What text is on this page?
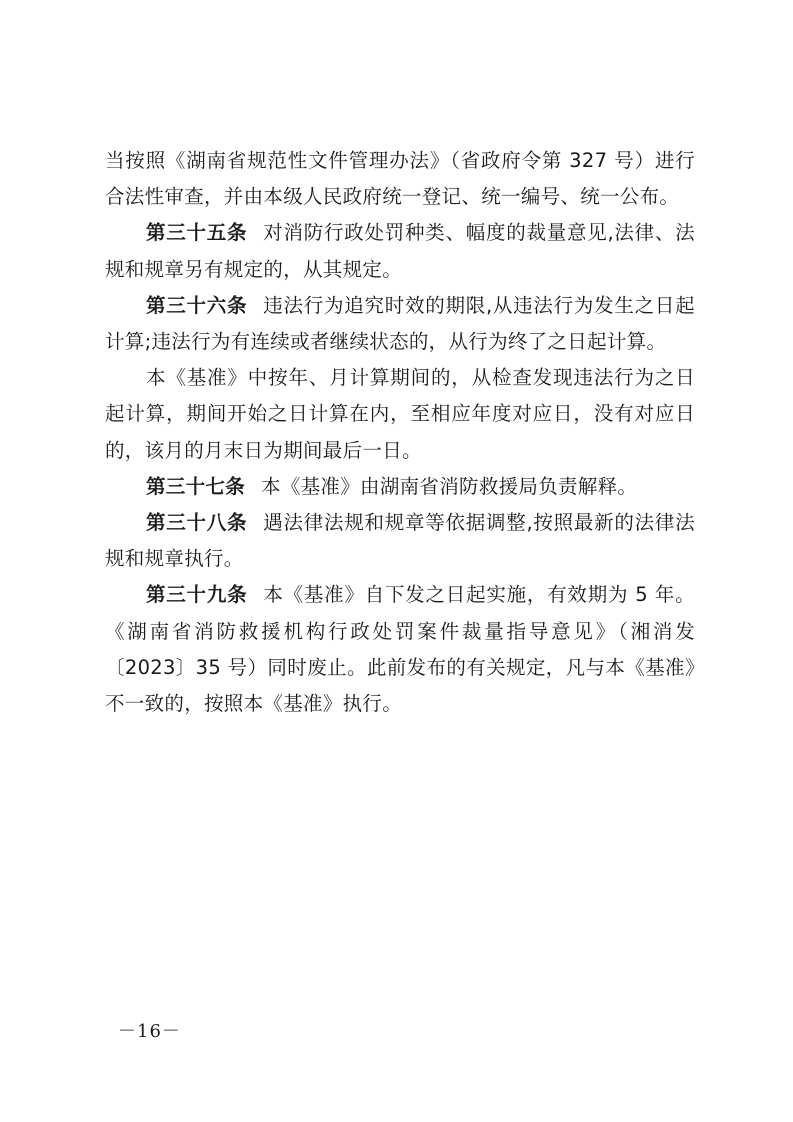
当按照《湖南省规范性文件管理办法》（省政府令第 327 号）进行合法性审查，并由本级人民政府统一登记、统一编号、统一公布。

第三十五条 对消防行政处罚种类、幅度的裁量意见,法律、法规和规章另有规定的，从其规定。

第三十六条 违法行为追究时效的期限,从违法行为发生之日起计算;违法行为有连续或者继续状态的，从行为终了之日起计算。

本《基准》中按年、月计算期间的，从检查发现违法行为之日起计算，期间开始之日计算在内，至相应年度对应日，没有对应日的，该月的月末日为期间最后一日。

第三十七条 本《基准》由湖南省消防救援局负责解释。

第三十八条 遇法律法规和规章等依据调整,按照最新的法律法规和规章执行。

第三十九条 本《基准》自下发之日起实施，有效期为 5 年。《湖南省消防救援机构行政处罚案件裁量指导意见》（湘消发〔2023〕35 号）同时废止。此前发布的有关规定，凡与本《基准》不一致的，按照本《基准》执行。

－16－
